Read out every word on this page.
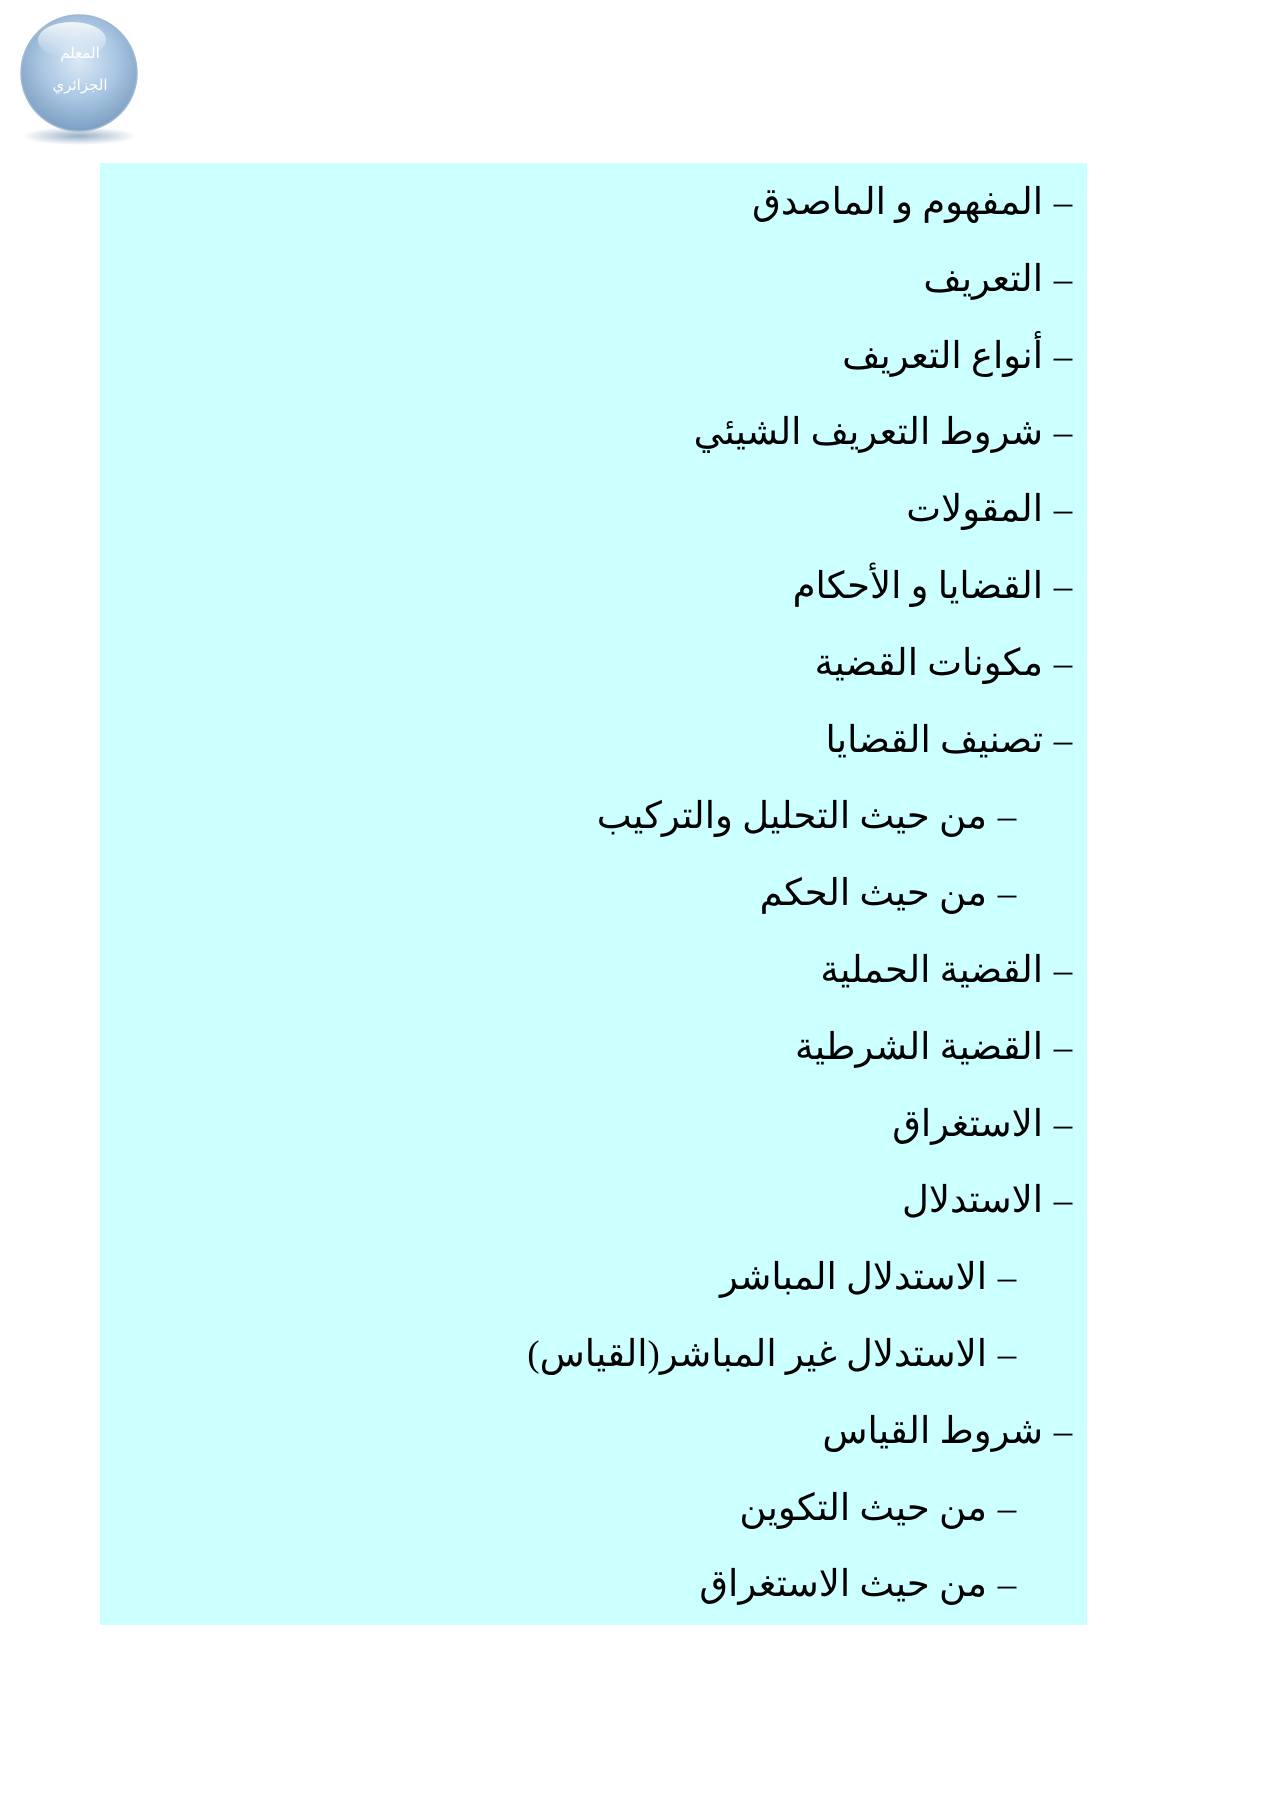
المعلم
الجزائري
المفهوم و الماصدق –
التعريف –
أنواع التعريف –
شروط التعريف الشيئي –
المقولات –
القضايا و الأحكام –
مكونات القضية –
تصنيف القضايا –
من حيث التحليل والتركيب –
من حيث الحكم –
القضية الحملية –
القضية الشرطية –
الاستغراق –
الاستدلال –
الاستدلال المباشر –
الاستدلال غير المباشر(القياس) –
شروط القياس –
من حيث التكوين –
من حيث الاستغراق –
